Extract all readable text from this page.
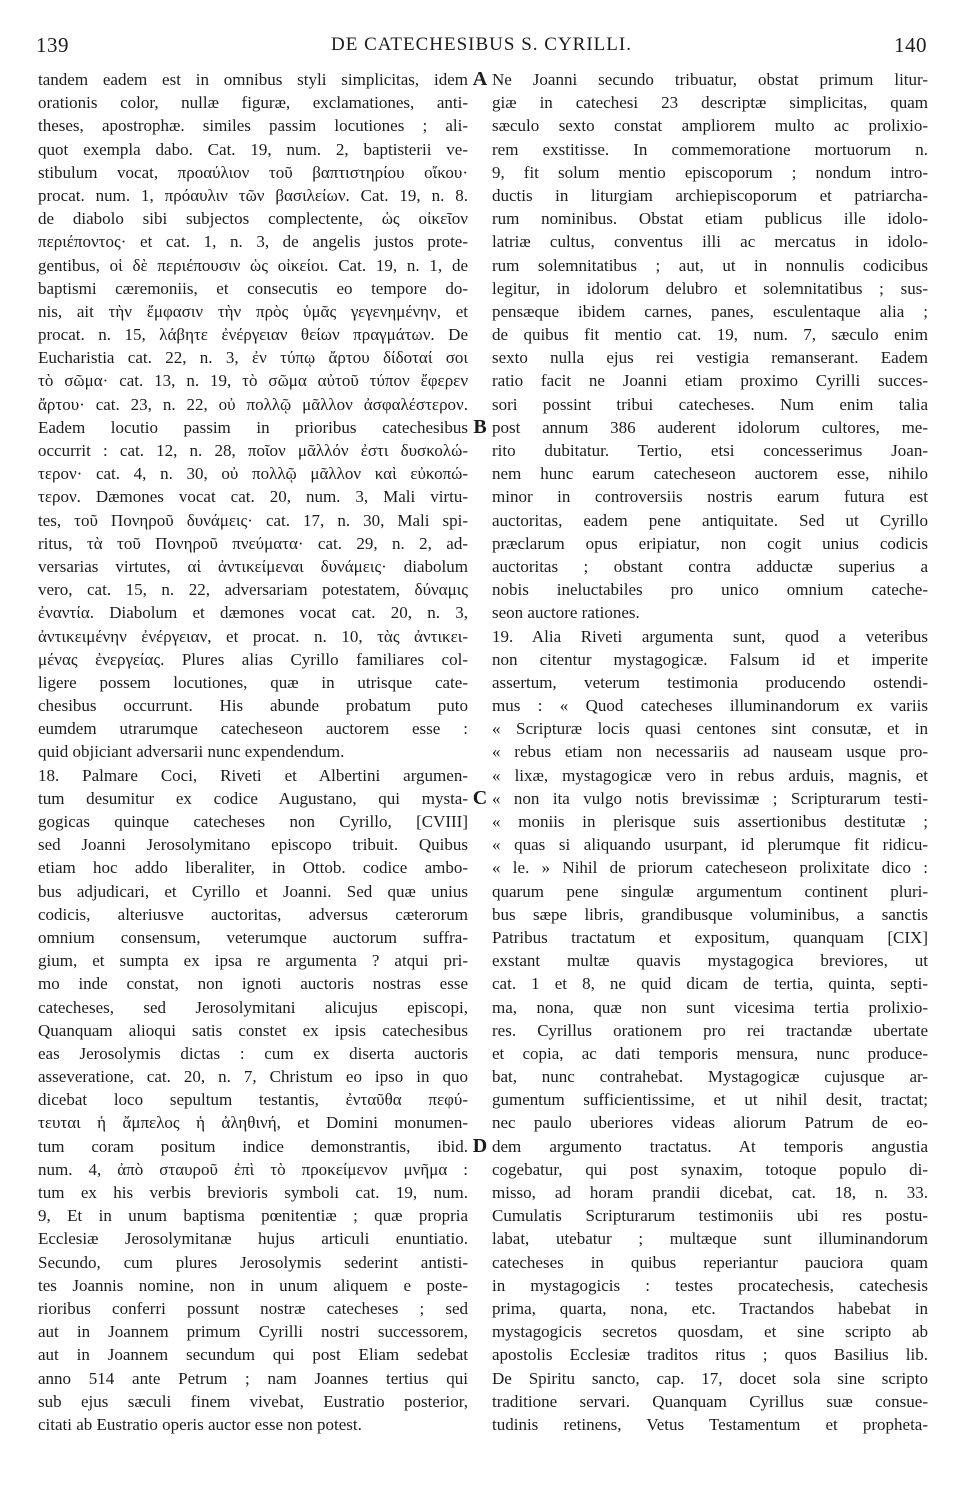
139	DE CATECHESIBUS S. CYRILLI.	140
tandem eadem est in omnibus styli simplicitas, idem
orationis color, nullæ figuræ, exclamationes, anti-
theses, apostrophæ. similes passim locutiones ; ali-
quot exempla dabo. Cat. 19, num. 2, baptisterii ve-
stibulum vocat, προαύλιον τοῦ βαπτιστηρίου οἴκου·
procat. num. 1, πρόαυλιν τῶν βασιλείων. Cat. 19, n. 8.
de diabolo sibi subjectos complectente, ὡς οἰκεῖον
περιέποντος· et cat. 1, n. 3, de angelis justos prote-
gentibus, οἱ δὲ περιέπουσιν ὡς οἰκείοι. Cat. 19, n. 1, de
baptismi cæremoniis, et consecutis eo tempore do-
nis, ait τὴν ἔμφασιν τὴν πρὸς ὑμᾶς γεγενημένην, et
procat. n. 15, λάβητε ἐνέργειαν θείων πραγμάτων. De
Eucharistia cat. 22, n. 3, ἐν τύπῳ ἄρτου δίδοταί σοι
τὸ σῶμα· cat. 13, n. 19, τὸ σῶμα αὐτοῦ τύπον ἔφερεν
ἄρτου· cat. 23, n. 22, οὐ πολλῷ μᾶλλον ἀσφαλέστερον.
Eadem locutio passim in prioribus catechesibus
occurrit : cat. 12, n. 28, ποῖον μᾶλλόν ἐστι δυσκολώ-
τερον· cat. 4, n. 30, οὐ πολλῷ μᾶλλον καὶ εὐκοπώ-
τερον. Dæmones vocat cat. 20, num. 3, Mali virtu-
tes, τοῦ Πονηροῦ δυνάμεις· cat. 17, n. 30, Mali spi-
ritus, τὰ τοῦ Πονηροῦ πνεύματα· cat. 29, n. 2, ad-
versarias virtutes, αἱ ἀντικείμεναι δυνάμεις· diabolum
vero, cat. 15, n. 22, adversariam potestatem, δύναμις
ἐναντία. Diabolum et dæmones vocat cat. 20, n. 3,
ἀντικειμένην ἐνέργειαν, et procat. n. 10, τὰς ἀντικει-
μένας ἐνεργείας. Plures alias Cyrillo familiares col-
ligere possem locutiones, quæ in utrisque cate-
chesibus occurrunt. His abunde probatum puto
eumdem utrarumque catecheseon auctorem esse :
quid objiciant adversarii nunc expendendum.
18. Palmare Coci, Riveti et Albertini argumen-
tum desumitur ex codice Augustano, qui mysta-
gogicas quinque catecheses non Cyrillo, [CVIII]
sed Joanni Jerosolymitano episcopo tribuit. Quibus
etiam hoc addo liberaliter, in Ottob. codice ambo-
bus adjudicari, et Cyrillo et Joanni. Sed quæ unius
codicis, alteriusve auctoritas, adversus cæterorum
omnium consensum, veterumque auctorum suffra-
gium, et sumpta ex ipsa re argumenta ? atqui pri-
mo inde constat, non ignoti auctoris nostras esse
catecheses, sed Jerosolymitani alicujus episcopi,
Quanquam alioqui satis constet ex ipsis catechesibus
eas Jerosolymis dictas : cum ex diserta auctoris
asseveratione, cat. 20, n. 7, Christum eo ipso in quo
dicebat loco sepultum testantis, ἐνταῦθα πεφύ-
τευται ἡ ἄμπελος ἡ ἀληθινή, et Domini monumen-
tum coram positum indice demonstrantis, ibid.
num. 4, ἀπὸ σταυροῦ ἐπὶ τὸ προκείμενον μνῆμα :
tum ex his verbis brevioris symboli cat. 19, num.
9, Et in unum baptisma pœnitentiæ ; quæ propria
Ecclesiæ Jerosolymitanæ hujus articuli enuntiatio.
Secundo, cum plures Jerosolymis sederint antisti-
tes Joannis nomine, non in unum aliquem e poste-
rioribus conferri possunt nostræ catecheses ; sed
aut in Joannem primum Cyrilli nostri successorem,
aut in Joannem secundum qui post Eliam sedebat
anno 514 ante Petrum ; nam Joannes tertius qui
sub ejus sæculi finem vivebat, Eustratio posterior,
citati ab Eustratio operis auctor esse non potest.
Ne Joanni secundo tribuatur, obstat primum litur-
giæ in catechesi 23 descriptæ simplicitas, quam
sæculo sexto constat ampliorem multo ac prolixio-
rem exstitisse. In commemoratione mortuorum n.
9, fit solum mentio episcoporum ; nondum intro-
ductis in liturgiam archiepiscoporum et patriarcha-
rum nominibus. Obstat etiam publicus ille idolo-
latriæ cultus, conventus illi ac mercatus in idolo-
rum solemnitatibus ; aut, ut in nonnulis codicibus
legitur, in idolorum delubro et solemnitatibus ; sus-
pensæque ibidem carnes, panes, esculentaque alia ;
de quibus fit mentio cat. 19, num. 7, sæculo enim
sexto nulla ejus rei vestigia remanserant. Eadem
ratio facit ne Joanni etiam proximo Cyrilli succes-
sori possint tribui catecheses. Num enim talia
post annum 386 auderent idolorum cultores, me-
rito dubitatur. Tertio, etsi concesserimus Joan-
nem hunc earum catecheseon auctorem esse, nihilo
minor in controversiis nostris earum futura est
auctoritas, eadem pene antiquitate. Sed ut Cyrillo
præclarum opus eripiatur, non cogit unius codicis
auctoritas ; obstant contra adductæ superius a
nobis ineluctabiles pro unico omnium cateche-
seon auctore rationes.
19. Alia Riveti argumenta sunt, quod a veteribus
non citentur mystagogicæ. Falsum id et imperite
assertum, veterum testimonia producendo ostendi-
mus : « Quod catecheses illuminandorum ex variis
« Scripturæ locis quasi centones sint consutæ, et in
« rebus etiam non necessariis ad nauseam usque pro-
« lixæ, mystagogicæ vero in rebus arduis, magnis, et
« non ita vulgo notis brevissimæ ; Scripturarum testi-
« moniis in plerisque suis assertionibus destitutæ ;
« quas si aliquando usurpant, id plerumque fit ridicu-
« le. » Nihil de priorum catecheseon prolixitate dico :
quarum pene singulæ argumentum continent pluri-
bus sæpe libris, grandibusque voluminibus, a sanctis
Patribus tractatum et expositum, quanquam [CIX]
exstant multæ quavis mystagogica breviores, ut
cat. 1 et 8, ne quid dicam de tertia, quinta, septi-
ma, nona, quæ non sunt vicesima tertia prolixio-
res. Cyrillus orationem pro rei tractandæ ubertate
et copia, ac dati temporis mensura, nunc produce-
bat, nunc contrahebat. Mystagogicæ cujusque ar-
gumentum sufficientissime, et ut nihil desit, tractat;
nec paulo uberiores videas aliorum Patrum de eo-
dem argumento tractatus. At temporis angustia
cogebatur, qui post synaxim, totoque populo di-
misso, ad horam prandii dicebat, cat. 18, n. 33.
Cumulatis Scripturarum testimoniis ubi res postu-
labat, utebatur ; multæque sunt illuminandorum
catecheses in quibus reperiantur pauciora quam
in mystagogicis : testes procatechesis, catechesis
prima, quarta, nona, etc. Tractandos habebat in
mystagogicis secretos quosdam, et sine scripto ab
apostolis Ecclesiæ traditos ritus ; quos Basilius lib.
De Spiritu sancto, cap. 17, docet sola sine scripto
traditione servari. Quanquam Cyrillus suæ consue-
tudinis retinens, Vetus Testamentum et propheta-
A
B
C
D
